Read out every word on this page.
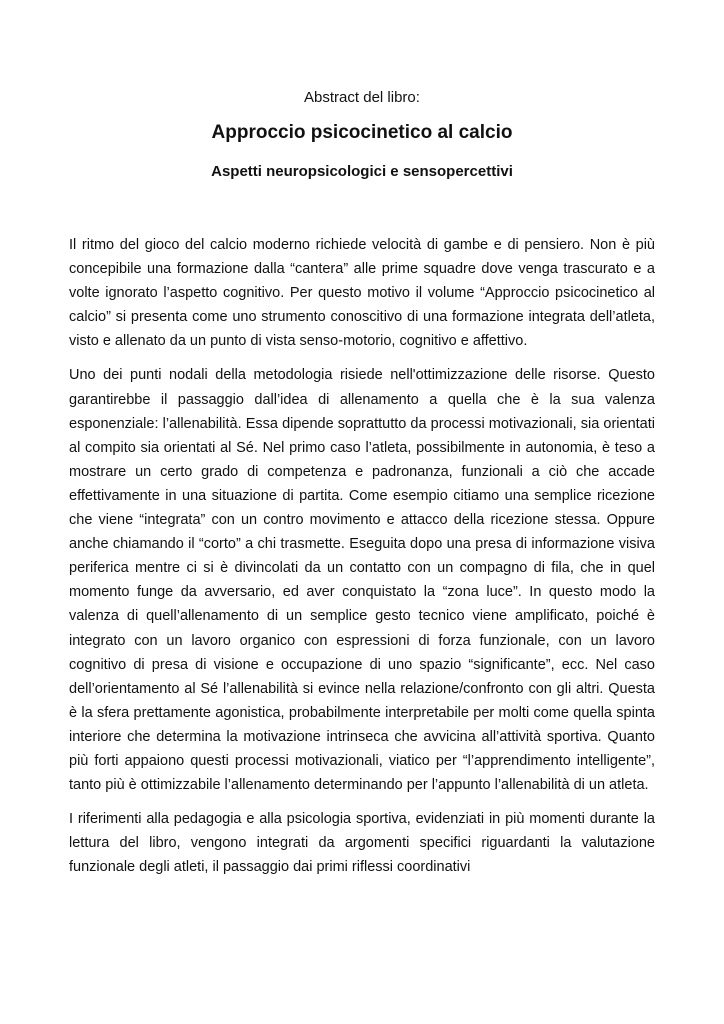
Abstract del libro:

Approccio psicocinetico al calcio
Aspetti neuropsicologici e sensopercettivi

Il ritmo del gioco del calcio moderno richiede velocità di gambe e di pensiero. Non è più concepibile una formazione dalla “cantera” alle prime squadre dove venga trascurato e a volte ignorato l’aspetto cognitivo. Per questo motivo il volume “Approccio psicocinetico al calcio” si presenta come uno strumento conoscitivo di una formazione integrata dell’atleta, visto e allenato da un punto di vista senso-motorio, cognitivo e affettivo.

Uno dei punti nodali della metodologia risiede nell'ottimizzazione delle risorse. Questo garantirebbe il passaggio dall’idea di allenamento a quella che è la sua valenza esponenziale: l’allenabilità. Essa dipende soprattutto da processi motivazionali, sia orientati al compito sia orientati al Sé. Nel primo caso l’atleta, possibilmente in autonomia, è teso a mostrare un certo grado di competenza e padronanza, funzionali a ciò che accade effettivamente in una situazione di partita. Come esempio citiamo una semplice ricezione che viene “integrata” con un contro movimento e attacco della ricezione stessa. Oppure anche chiamando il “corto” a chi trasmette. Eseguita dopo una presa di informazione visiva periferica mentre ci si è divincolati da un contatto con un compagno di fila, che in quel momento funge da avversario, ed aver conquistato la “zona luce”. In questo modo la valenza di quell’allenamento di un semplice gesto tecnico viene amplificato, poiché è integrato con un lavoro organico con espressioni di forza funzionale, con un lavoro cognitivo di presa di visione e occupazione di uno spazio “significante”, ecc. Nel caso dell’orientamento al Sé l’allenabilità si evince nella relazione/confronto con gli altri. Questa è la sfera prettamente agonistica, probabilmente interpretabile per molti come quella spinta interiore che determina la motivazione intrinseca che avvicina all’attività sportiva. Quanto più forti appaiono questi processi motivazionali, viatico per “l’apprendimento intelligente”, tanto più è ottimizzabile l’allenamento determinando per l’appunto l’allenabilità di un atleta.

I riferimenti alla pedagogia e alla psicologia sportiva, evidenziati in più momenti durante la lettura del libro, vengono integrati da argomenti specifici riguardanti la valutazione funzionale degli atleti, il passaggio dai primi riflessi coordinativi
